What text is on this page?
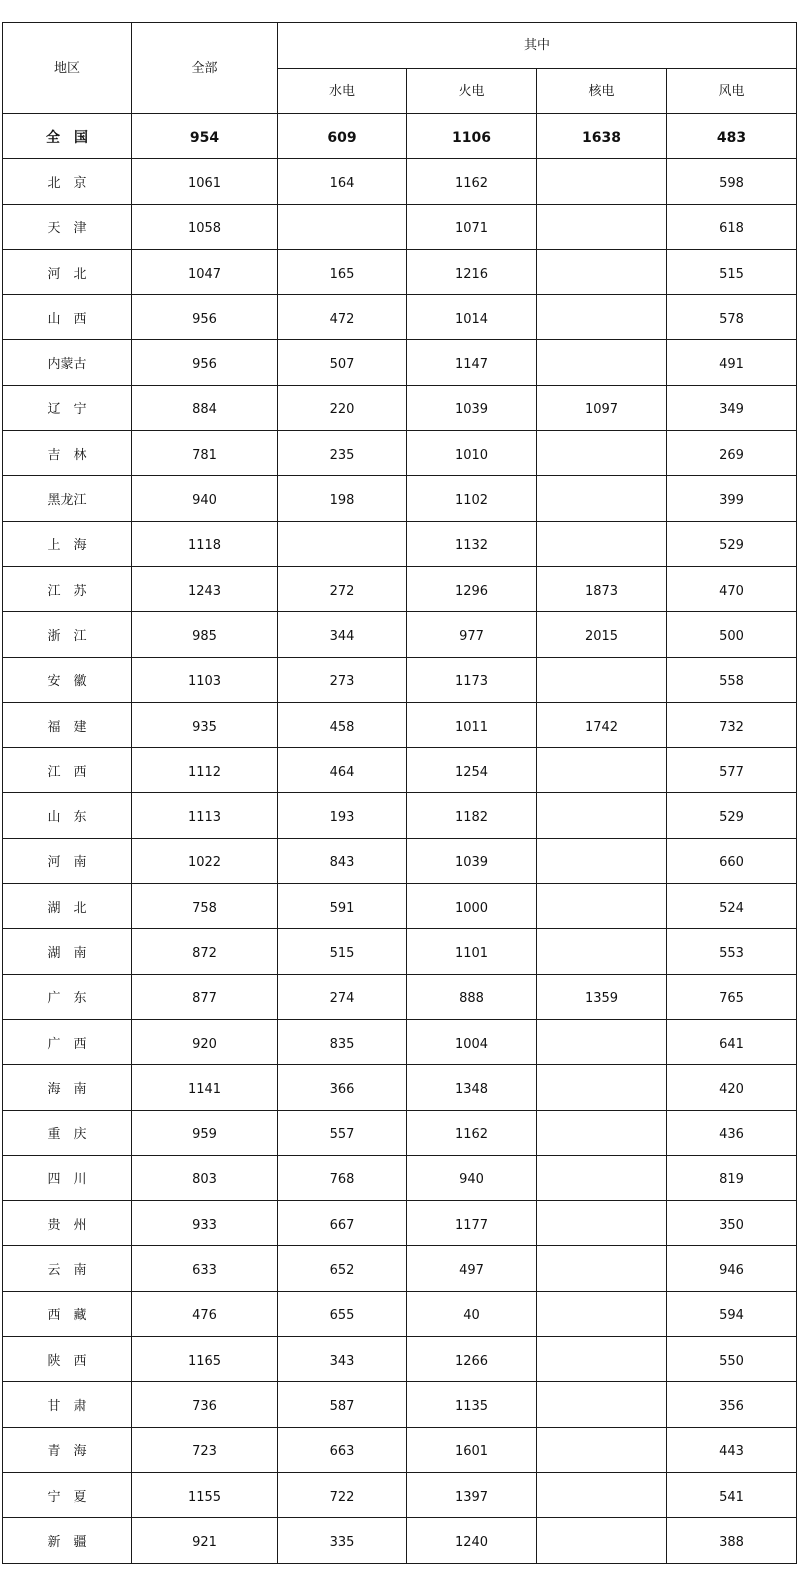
地区	全部	其中			
		水电	火电	核电	风电
全　国	954	609	1106	1638	483
北　京	1061	164	1162		598
天　津	1058		1071		618
河　北	1047	165	1216		515
山　西	956	472	1014		578
内蒙古	956	507	1147		491
辽　宁	884	220	1039	1097	349
吉　林	781	235	1010		269
黑龙江	940	198	1102		399
上　海	1118		1132		529
江　苏	1243	272	1296	1873	470
浙　江	985	344	977	2015	500
安　徽	1103	273	1173		558
福　建	935	458	1011	1742	732
江　西	1112	464	1254		577
山　东	1113	193	1182		529
河　南	1022	843	1039		660
湖　北	758	591	1000		524
湖　南	872	515	1101		553
广　东	877	274	888	1359	765
广　西	920	835	1004		641
海　南	1141	366	1348		420
重　庆	959	557	1162		436
四　川	803	768	940		819
贵　州	933	667	1177		350
云　南	633	652	497		946
西　藏	476	655	40		594
陕　西	1165	343	1266		550
甘　肃	736	587	1135		356
青　海	723	663	1601		443
宁　夏	1155	722	1397		541
新　疆	921	335	1240		388
